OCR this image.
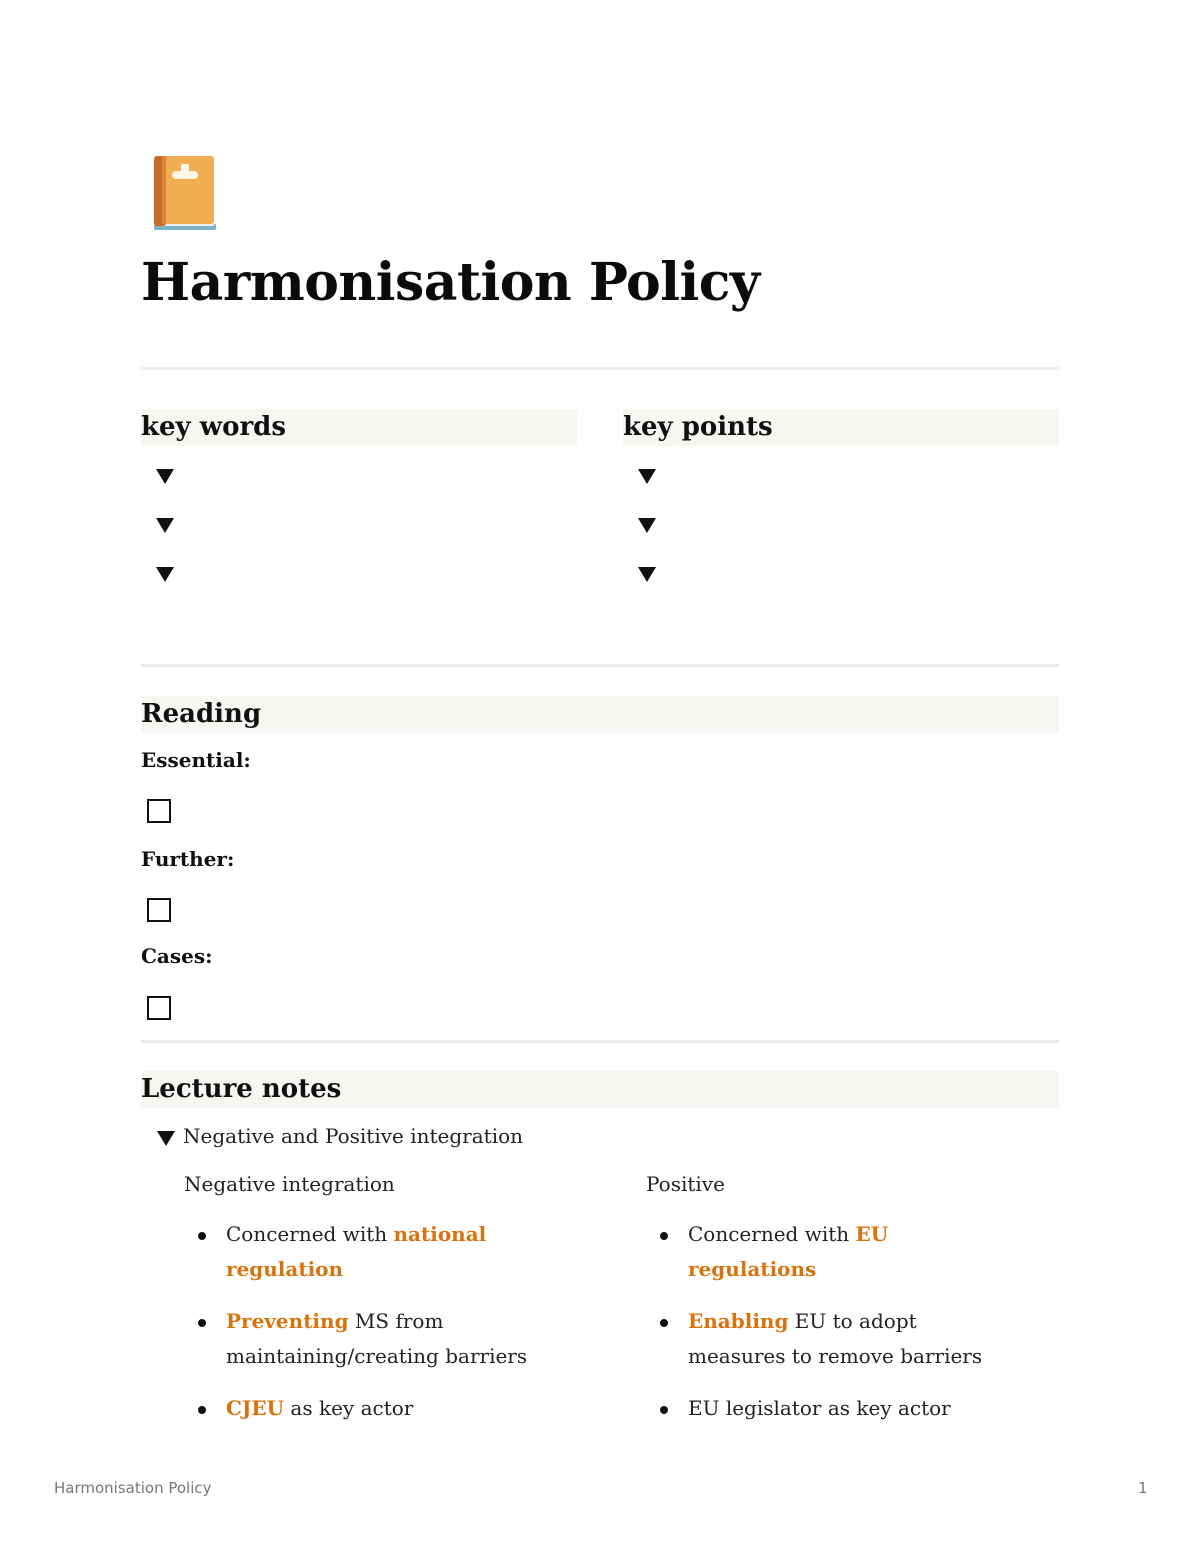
Harmonisation Policy
key words	key points
Reading
Essential:
Further:
Cases:
Lecture notes
Negative and Positive integration
Negative integration	Positive
Concerned with national regulation
Preventing MS from maintaining/creating barriers
CJEU as key actor
Concerned with EU regulations
Enabling EU to adopt measures to remove barriers
EU legislator as key actor
Harmonisation Policy	1
